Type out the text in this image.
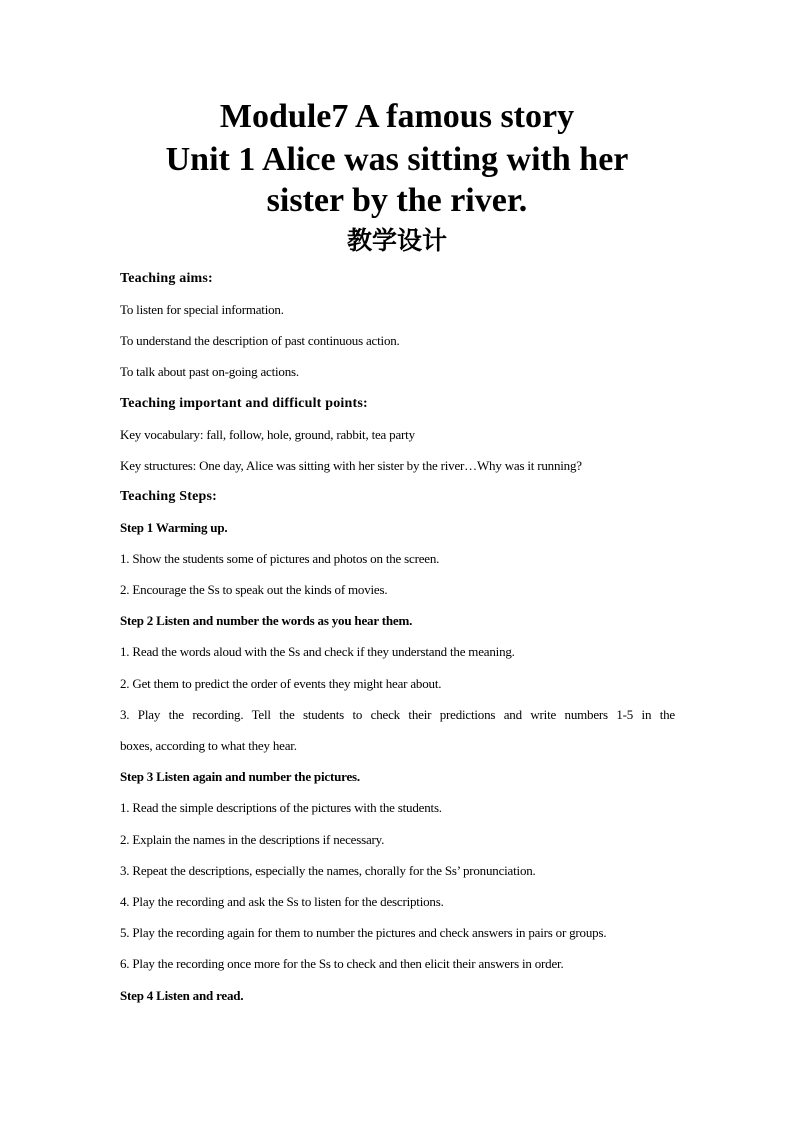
Module7 A famous story
Unit 1 Alice was sitting with her
sister by the river.
教学设计
Teaching aims:
To listen for special information.
To understand the description of past continuous action.
To talk about past on-going actions.
Teaching important and difficult points:
Key vocabulary: fall, follow, hole, ground, rabbit, tea party
Key structures: One day, Alice was sitting with her sister by the river…Why was it running?
Teaching Steps:
Step 1 Warming up.
1. Show the students some of pictures and photos on the screen.
2. Encourage the Ss to speak out the kinds of movies.
Step 2 Listen and number the words as you hear them.
1. Read the words aloud with the Ss and check if they understand the meaning.
2. Get them to predict the order of events they might hear about.
3. Play the recording. Tell the students to check their predictions and write numbers 1-5 in the
boxes, according to what they hear.
Step 3 Listen again and number the pictures.
1. Read the simple descriptions of the pictures with the students.
2. Explain the names in the descriptions if necessary.
3. Repeat the descriptions, especially the names, chorally for the Ss’ pronunciation.
4. Play the recording and ask the Ss to listen for the descriptions.
5. Play the recording again for them to number the pictures and check answers in pairs or groups.
6. Play the recording once more for the Ss to check and then elicit their answers in order.
Step 4 Listen and read.
